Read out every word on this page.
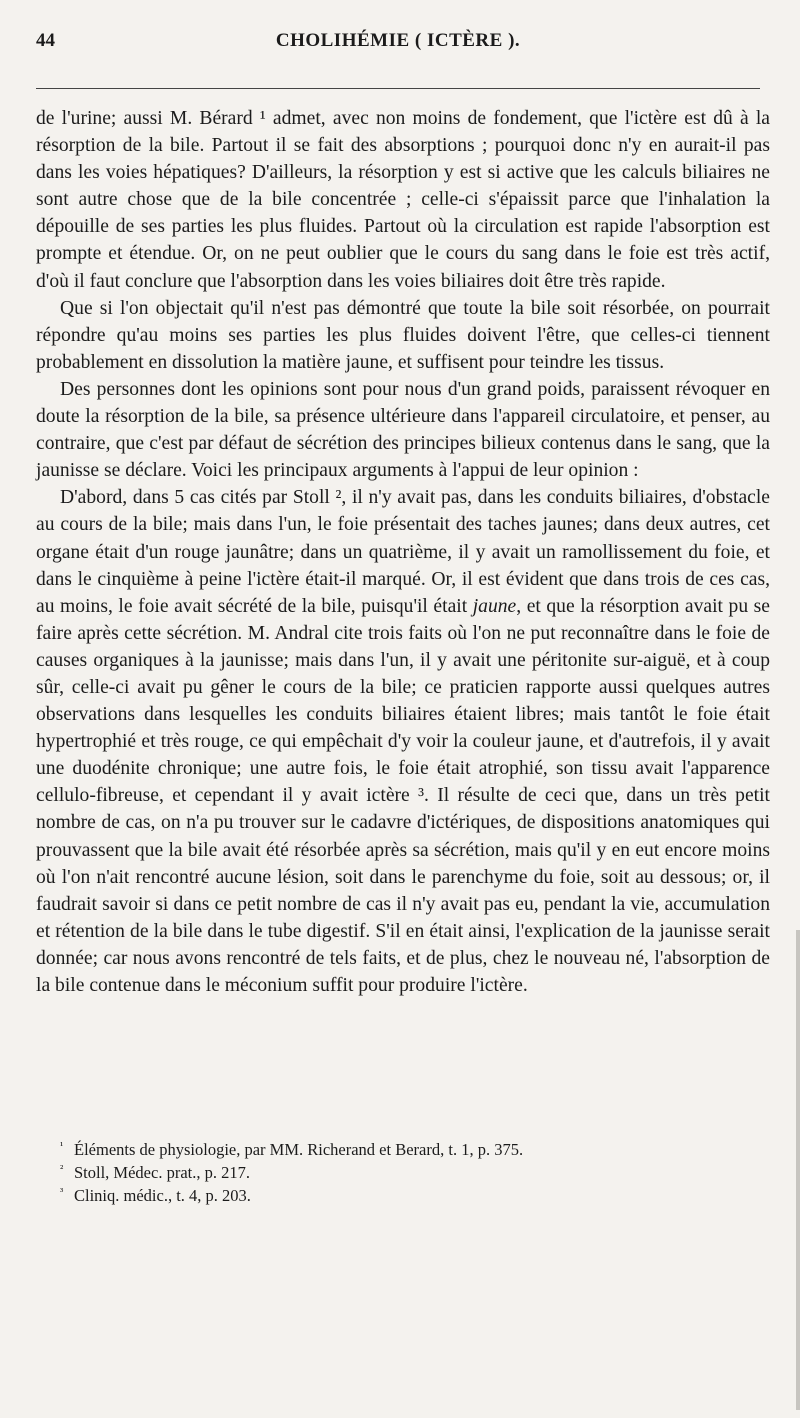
44	CHOLIHÉMIE ( ICTÈRE ).

de l'urine; aussi M. Bérard ¹ admet, avec non moins de fondement, que l'ictère est dû à la résorption de la bile. Partout il se fait des absorptions ; pourquoi donc n'y en aurait-il pas dans les voies hépatiques? D'ailleurs, la résorption y est si active que les calculs biliaires ne sont autre chose que de la bile concentrée ; celle-ci s'épaissit parce que l'inhalation la dépouille de ses parties les plus fluides. Partout où la circulation est rapide l'absorption est prompte et étendue. Or, on ne peut oublier que le cours du sang dans le foie est très actif, d'où il faut conclure que l'absorption dans les voies biliaires doit être très rapide.

Que si l'on objectait qu'il n'est pas démontré que toute la bile soit résorbée, on pourrait répondre qu'au moins ses parties les plus fluides doivent l'être, que celles-ci tiennent probablement en dissolution la matière jaune, et suffisent pour teindre les tissus.

Des personnes dont les opinions sont pour nous d'un grand poids, paraissent révoquer en doute la résorption de la bile, sa présence ultérieure dans l'appareil circulatoire, et penser, au contraire, que c'est par défaut de sécrétion des principes bilieux contenus dans le sang, que la jaunisse se déclare. Voici les principaux arguments à l'appui de leur opinion :

D'abord, dans 5 cas cités par Stoll ², il n'y avait pas, dans les conduits biliaires, d'obstacle au cours de la bile; mais dans l'un, le foie présentait des taches jaunes; dans deux autres, cet organe était d'un rouge jaunâtre; dans un quatrième, il y avait un ramollissement du foie, et dans le cinquième à peine l'ictère était-il marqué. Or, il est évident que dans trois de ces cas, au moins, le foie avait sécrété de la bile, puisqu'il était jaune, et que la résorption avait pu se faire après cette sécrétion. M. Andral cite trois faits où l'on ne put reconnaître dans le foie de causes organiques à la jaunisse; mais dans l'un, il y avait une péritonite sur-aiguë, et à coup sûr, celle-ci avait pu gêner le cours de la bile; ce praticien rapporte aussi quelques autres observations dans lesquelles les conduits biliaires étaient libres; mais tantôt le foie était hypertrophié et très rouge, ce qui empêchait d'y voir la couleur jaune, et d'autrefois, il y avait une duodénite chronique; une autre fois, le foie était atrophié, son tissu avait l'apparence cellulo-fibreuse, et cependant il y avait ictère ³. Il résulte de ceci que, dans un très petit nombre de cas, on n'a pu trouver sur le cadavre d'ictériques, de dispositions anatomiques qui prouvassent que la bile avait été résorbée après sa sécrétion, mais qu'il y en eut encore moins où l'on n'ait rencontré aucune lésion, soit dans le parenchyme du foie, soit au dessous; or, il faudrait savoir si dans ce petit nombre de cas il n'y avait pas eu, pendant la vie, accumulation et rétention de la bile dans le tube digestif. S'il en était ainsi, l'explication de la jaunisse serait donnée; car nous avons rencontré de tels faits, et de plus, chez le nouveau né, l'absorption de la bile contenue dans le méconium suffit pour produire l'ictère.

¹ Éléments de physiologie, par MM. Richerand et Berard, t. 1, p. 375.
² Stoll, Médec. prat., p. 217.
³ Cliniq. médic., t. 4, p. 203.
